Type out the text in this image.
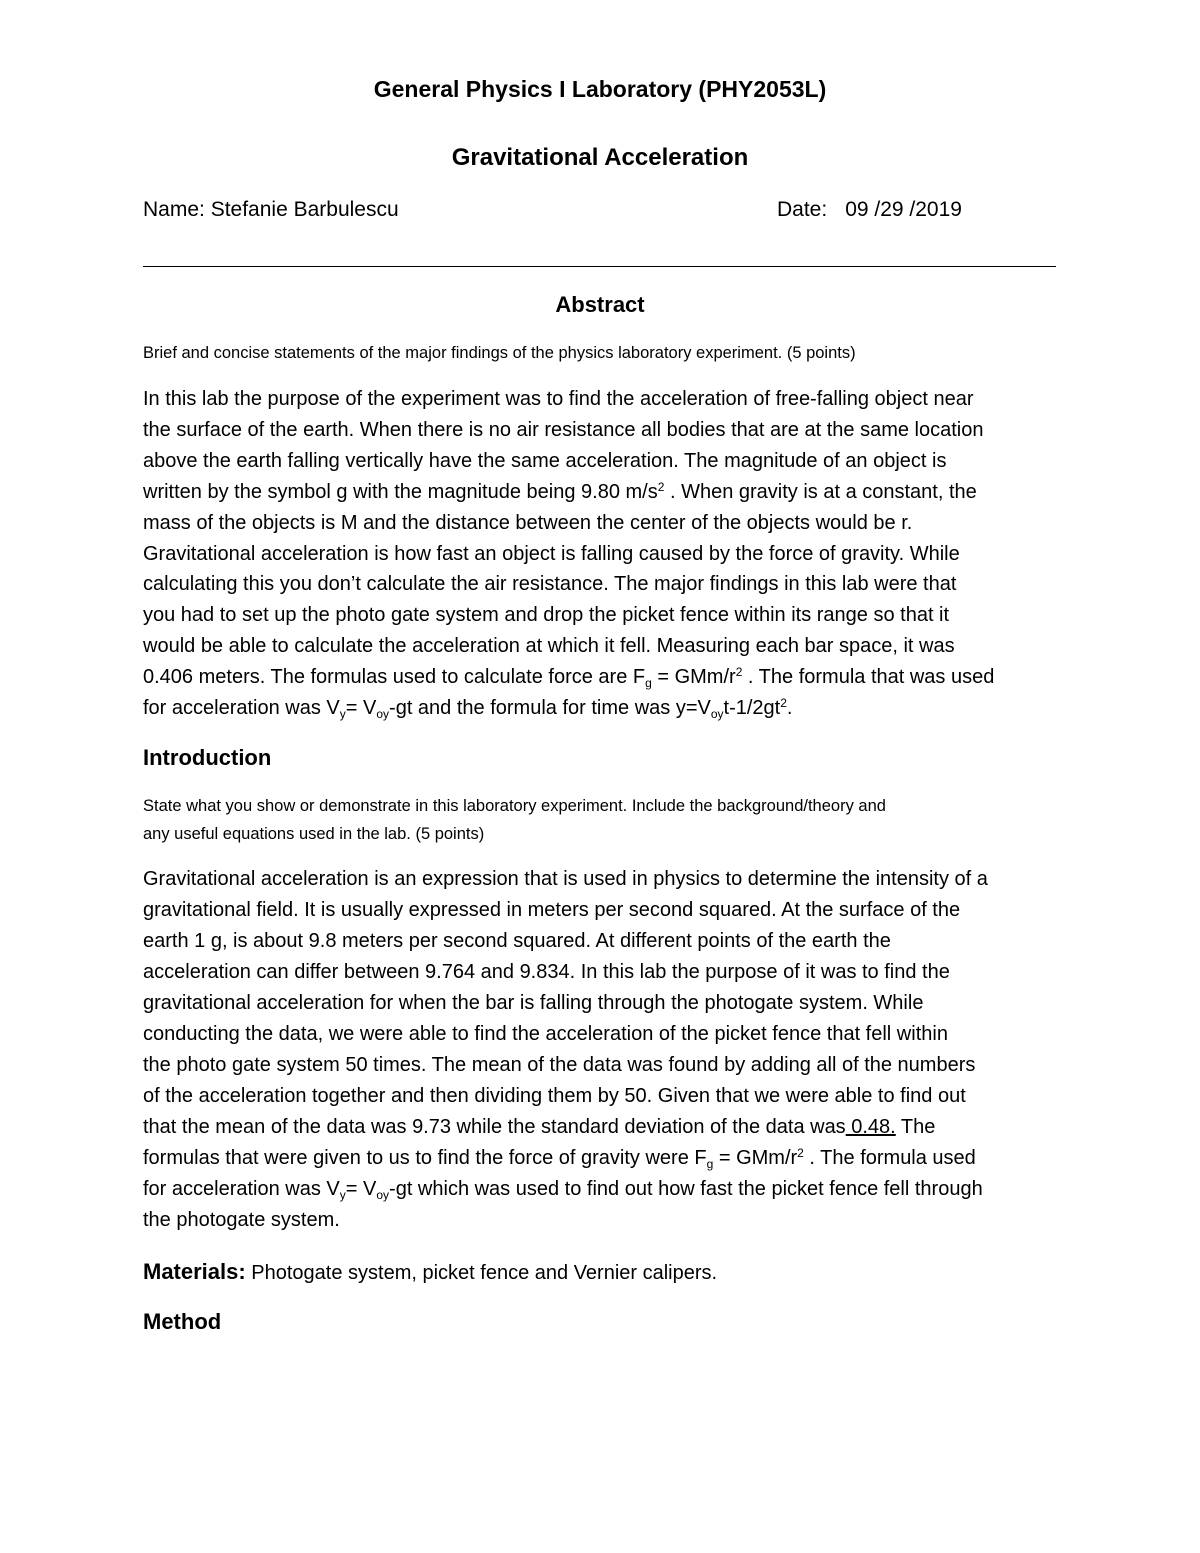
General Physics I Laboratory (PHY2053L)
Gravitational Acceleration
Name: Stefanie Barbulescu	Date: 09 /29 /2019
Abstract
Brief and concise statements of the major findings of the physics laboratory experiment. (5 points)
In this lab the purpose of the experiment was to find the acceleration of free-falling object near
the surface of the earth. When there is no air resistance all bodies that are at the same location
above the earth falling vertically have the same acceleration. The magnitude of an object is
written by the symbol g with the magnitude being 9.80 $m/s^2$ . When gravity is at a constant, the
mass of the objects is M and the distance between the center of the objects would be r.
Gravitational acceleration is how fast an object is falling caused by the force of gravity. While
calculating this you don’t calculate the air resistance. The major findings in this lab were that
you had to set up the photo gate system and drop the picket fence within its range so that it
would be able to calculate the acceleration at which it fell. Measuring each bar space, it was
0.406 meters. The formulas used to calculate force are $F_g = GMm/r^2$ . The formula that was used
for acceleration was $V_y= V_{oy}-gt$ and the formula for time was $y=V_{oy}t-1/2gt^2$.
Introduction
State what you show or demonstrate in this laboratory experiment. Include the background/theory and
any useful equations used in the lab. (5 points)
Gravitational acceleration is an expression that is used in physics to determine the intensity of a
gravitational field. It is usually expressed in meters per second squared. At the surface of the
earth 1 g, is about 9.8 meters per second squared. At different points of the earth the
acceleration can differ between 9.764 and 9.834. In this lab the purpose of it was to find the
gravitational acceleration for when the bar is falling through the photogate system. While
conducting the data, we were able to find the acceleration of the picket fence that fell within
the photo gate system 50 times. The mean of the data was found by adding all of the numbers
of the acceleration together and then dividing them by 50. Given that we were able to find out
that the mean of the data was 9.73 while the standard deviation of the data was 0.48. The
formulas that were given to us to find the force of gravity were $F_g = GMm/r^2$ . The formula used
for acceleration was $V_y= V_{oy}-gt$ which was used to find out how fast the picket fence fell through
the photogate system.
Materials: Photogate system, picket fence and Vernier calipers.
Method
